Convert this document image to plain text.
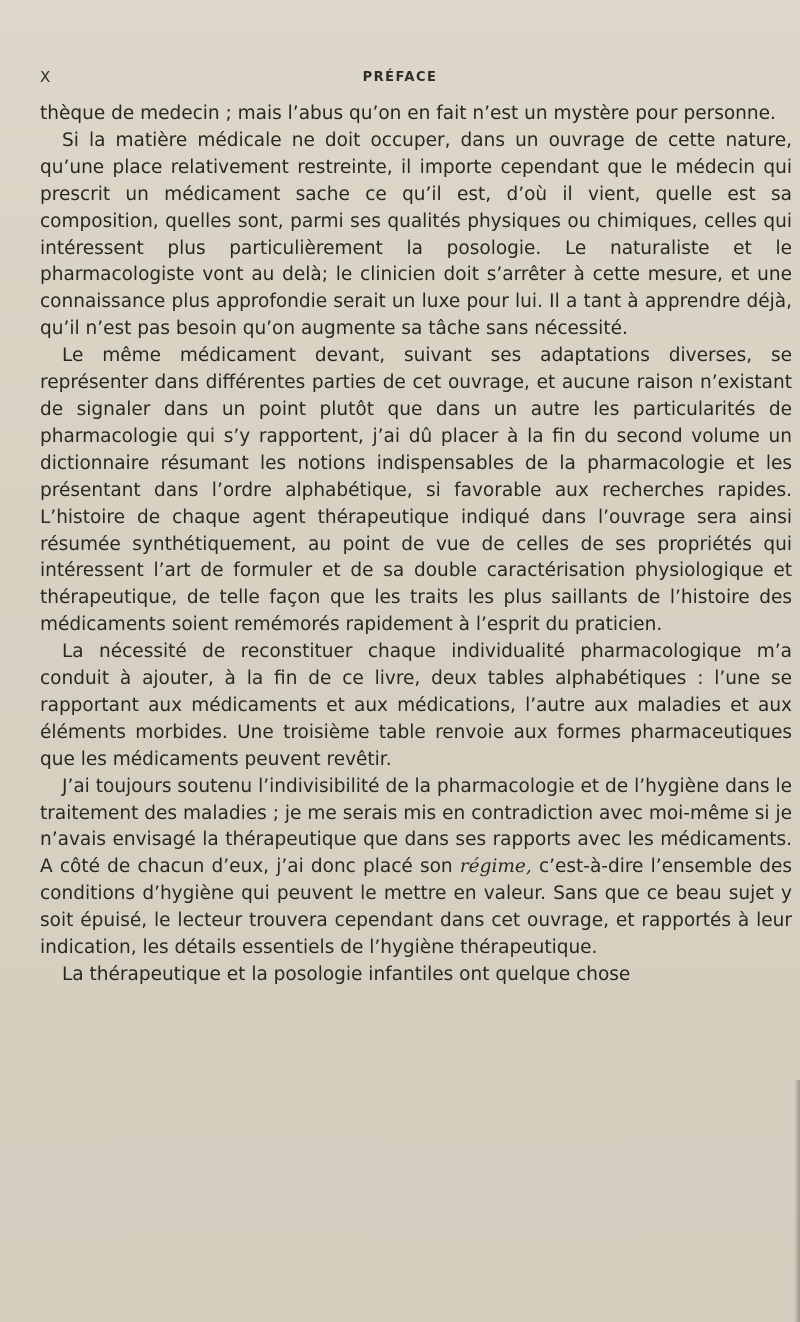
X	PRÉFACE

thèque de medecin ; mais l’abus qu’on en fait n’est un mystère pour personne.

Si la matière médicale ne doit occuper, dans un ouvrage de cette nature, qu’une place relativement restreinte, il importe cependant que le médecin qui prescrit un médicament sache ce qu’il est, d’où il vient, quelle est sa composition, quelles sont, parmi ses qualités physiques ou chimiques, celles qui intéressent plus particulièrement la posologie. Le naturaliste et le pharmacologiste vont au delà; le clinicien doit s’arrêter à cette mesure, et une connaissance plus approfondie serait un luxe pour lui. Il a tant à apprendre déjà, qu’il n’est pas besoin qu’on augmente sa tâche sans nécessité.

Le même médicament devant, suivant ses adaptations diverses, se représenter dans différentes parties de cet ouvrage, et aucune raison n’existant de signaler dans un point plutôt que dans un autre les particularités de pharmacologie qui s’y rapportent, j’ai dû placer à la fin du second volume un dictionnaire résumant les notions indispensables de la pharmacologie et les présentant dans l’ordre alphabétique, si favorable aux recherches rapides. L’histoire de chaque agent thérapeutique indiqué dans l’ouvrage sera ainsi résumée synthétiquement, au point de vue de celles de ses propriétés qui intéressent l’art de formuler et de sa double caractérisation physiologique et thérapeutique, de telle façon que les traits les plus saillants de l’histoire des médicaments soient remémorés rapidement à l’esprit du praticien.

La nécessité de reconstituer chaque individualité pharmacologique m’a conduit à ajouter, à la fin de ce livre, deux tables alphabétiques : l’une se rapportant aux médicaments et aux médications, l’autre aux maladies et aux éléments morbides. Une troisième table renvoie aux formes pharmaceutiques que les médicaments peuvent revêtir.

J’ai toujours soutenu l’indivisibilité de la pharmacologie et de l’hygiène dans le traitement des maladies ; je me serais mis en contradiction avec moi-même si je n’avais envisagé la thérapeutique que dans ses rapports avec les médicaments. A côté de chacun d’eux, j’ai donc placé son régime, c’est-à-dire l’ensemble des conditions d’hygiène qui peuvent le mettre en valeur. Sans que ce beau sujet y soit épuisé, le lecteur trouvera cependant dans cet ouvrage, et rapportés à leur indication, les détails essentiels de l’hygiène thérapeutique.

La thérapeutique et la posologie infantiles ont quelque chose
